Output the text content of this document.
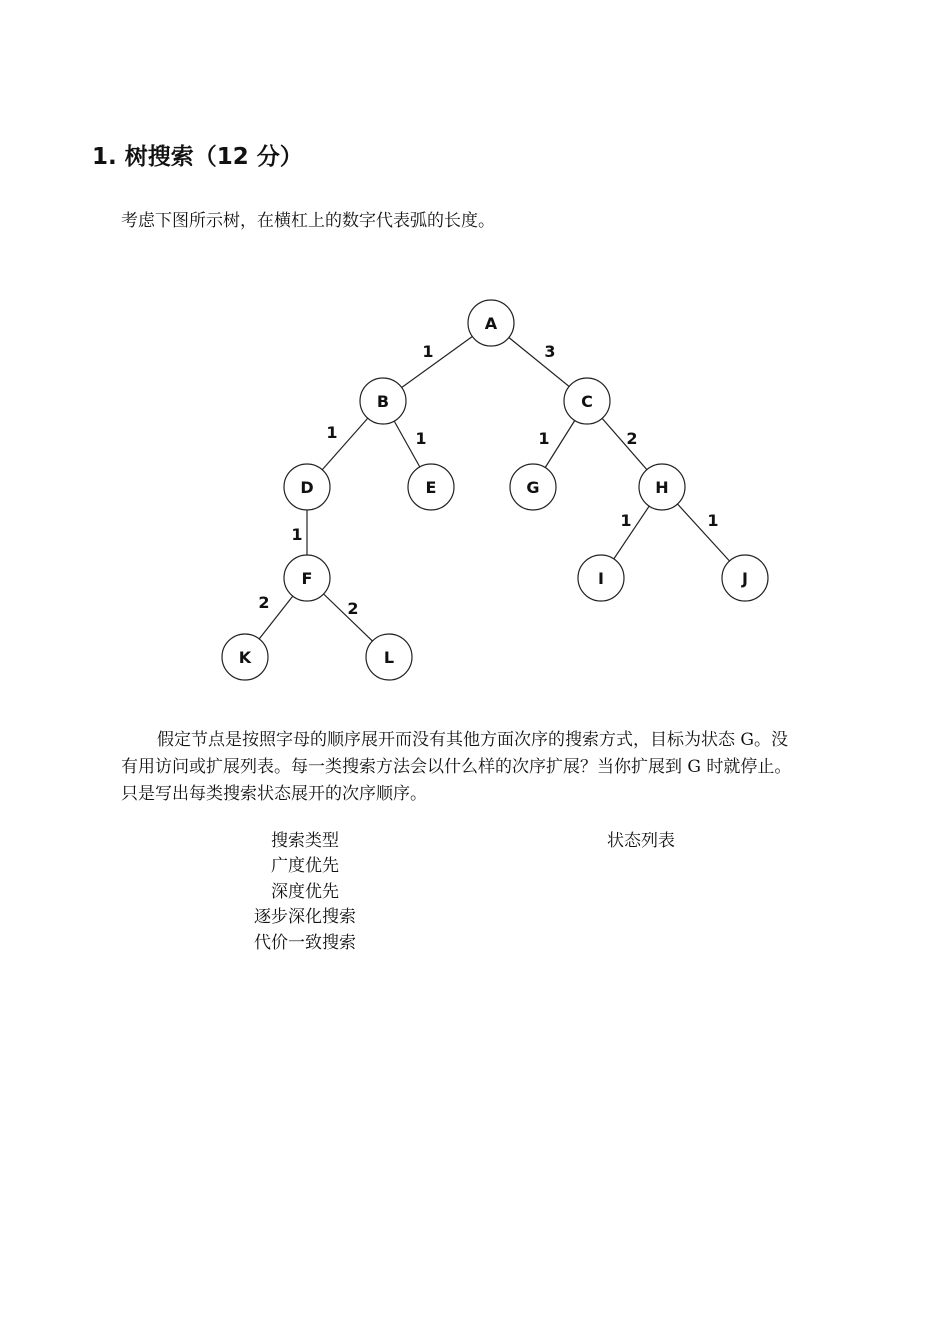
1. 树搜索（12 分）

考虑下图所示树，在横杠上的数字代表弧的长度。

A
B	C
D	E	G	H
F	I	J
K	L
1	3
1	1	1	2
1
1	1
2	2
假定节点是按照字母的顺序展开而没有其他方面次序的搜索方式，目标为状态 G。没
有用访问或扩展列表。每一类搜索方法会以什么样的次序扩展？当你扩展到 G 时就停止。
只是写出每类搜索状态展开的次序顺序。
搜索类型	状态列表
广度优先
深度优先
逐步深化搜索
代价一致搜索
